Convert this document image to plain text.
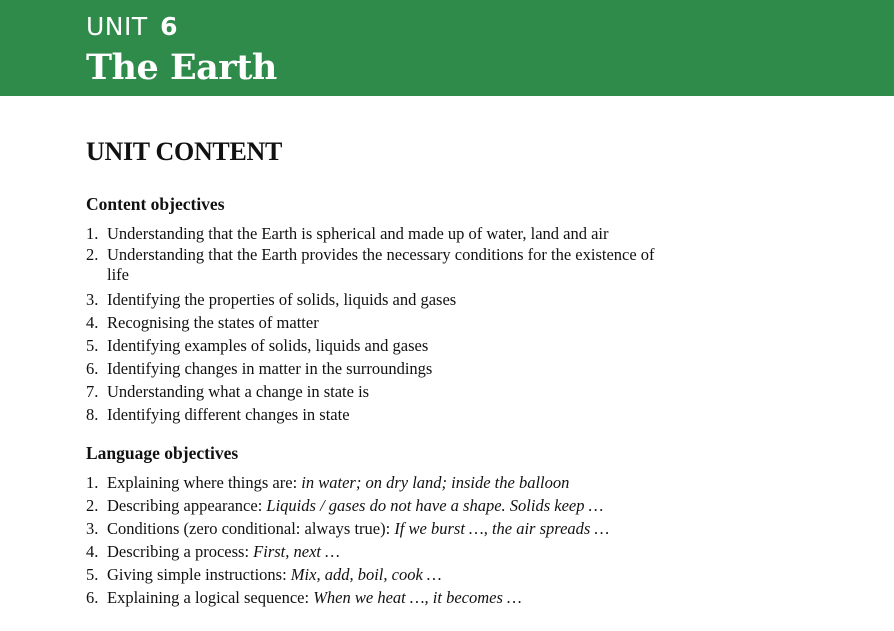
UNIT 6
The Earth
UNIT CONTENT
Content objectives
1. Understanding that the Earth is spherical and made up of water, land and air
2. Understanding that the Earth provides the necessary conditions for the existence of life
3. Identifying the properties of solids, liquids and gases
4. Recognising the states of matter
5. Identifying examples of solids, liquids and gases
6. Identifying changes in matter in the surroundings
7. Understanding what a change in state is
8. Identifying different changes in state
Language objectives
1. Explaining where things are: in water; on dry land; inside the balloon
2. Describing appearance: Liquids / gases do not have a shape. Solids keep …
3. Conditions (zero conditional: always true): If we burst …, the air spreads …
4. Describing a process: First, next …
5. Giving simple instructions: Mix, add, boil, cook …
6. Explaining a logical sequence: When we heat …, it becomes …
